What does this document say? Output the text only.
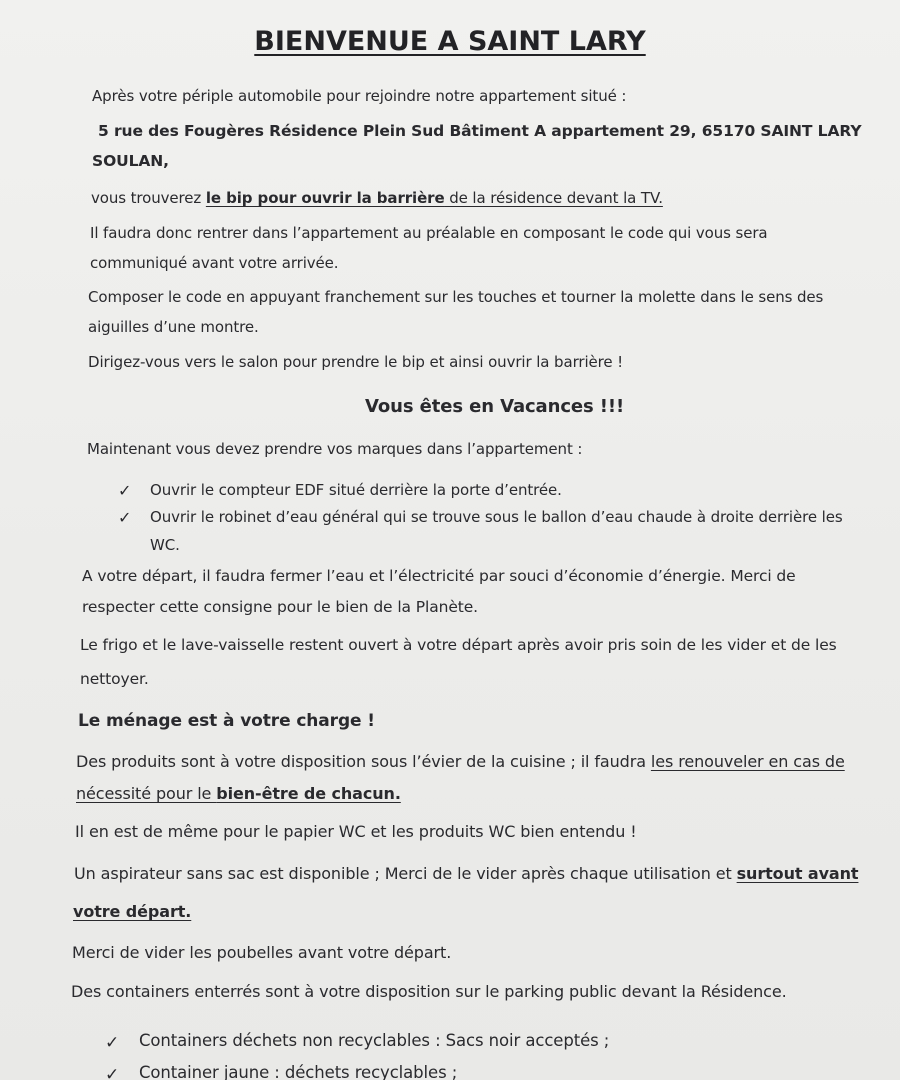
BIENVENUE A SAINT LARY
Après votre périple automobile pour rejoindre notre appartement situé :
5 rue des Fougères Résidence Plein Sud Bâtiment A appartement 29, 65170 SAINT LARY
SOULAN,
vous trouverez le bip pour ouvrir la barrière de la résidence devant la TV.
Il faudra donc rentrer dans l’appartement au préalable en composant le code qui vous sera
communiqué avant votre arrivée.
Composer le code en appuyant franchement sur les touches et tourner la molette dans le sens des
aiguilles d’une montre.
Dirigez-vous vers le salon pour prendre le bip et ainsi ouvrir la barrière !
Vous êtes en Vacances !!!
Maintenant vous devez prendre vos marques dans l’appartement :
✓ Ouvrir le compteur EDF situé derrière la porte d’entrée.
✓ Ouvrir le robinet d’eau général qui se trouve sous le ballon d’eau chaude à droite derrière les
WC.
A votre départ, il faudra fermer l’eau et l’électricité par souci d’économie d’énergie. Merci de
respecter cette consigne pour le bien de la Planète.
Le frigo et le lave-vaisselle restent ouvert à votre départ après avoir pris soin de les vider et de les
nettoyer.
Le ménage est à votre charge !
Des produits sont à votre disposition sous l’évier de la cuisine ; il faudra les renouveler en cas de
nécessité pour le bien-être de chacun.
Il en est de même pour le papier WC et les produits WC bien entendu !
Un aspirateur sans sac est disponible ; Merci de le vider après chaque utilisation et surtout avant
votre départ.
Merci de vider les poubelles avant votre départ.
Des containers enterrés sont à votre disposition sur le parking public devant la Résidence.
✓ Containers déchets non recyclables : Sacs noir acceptés ;
✓ Container jaune : déchets recyclables ;
